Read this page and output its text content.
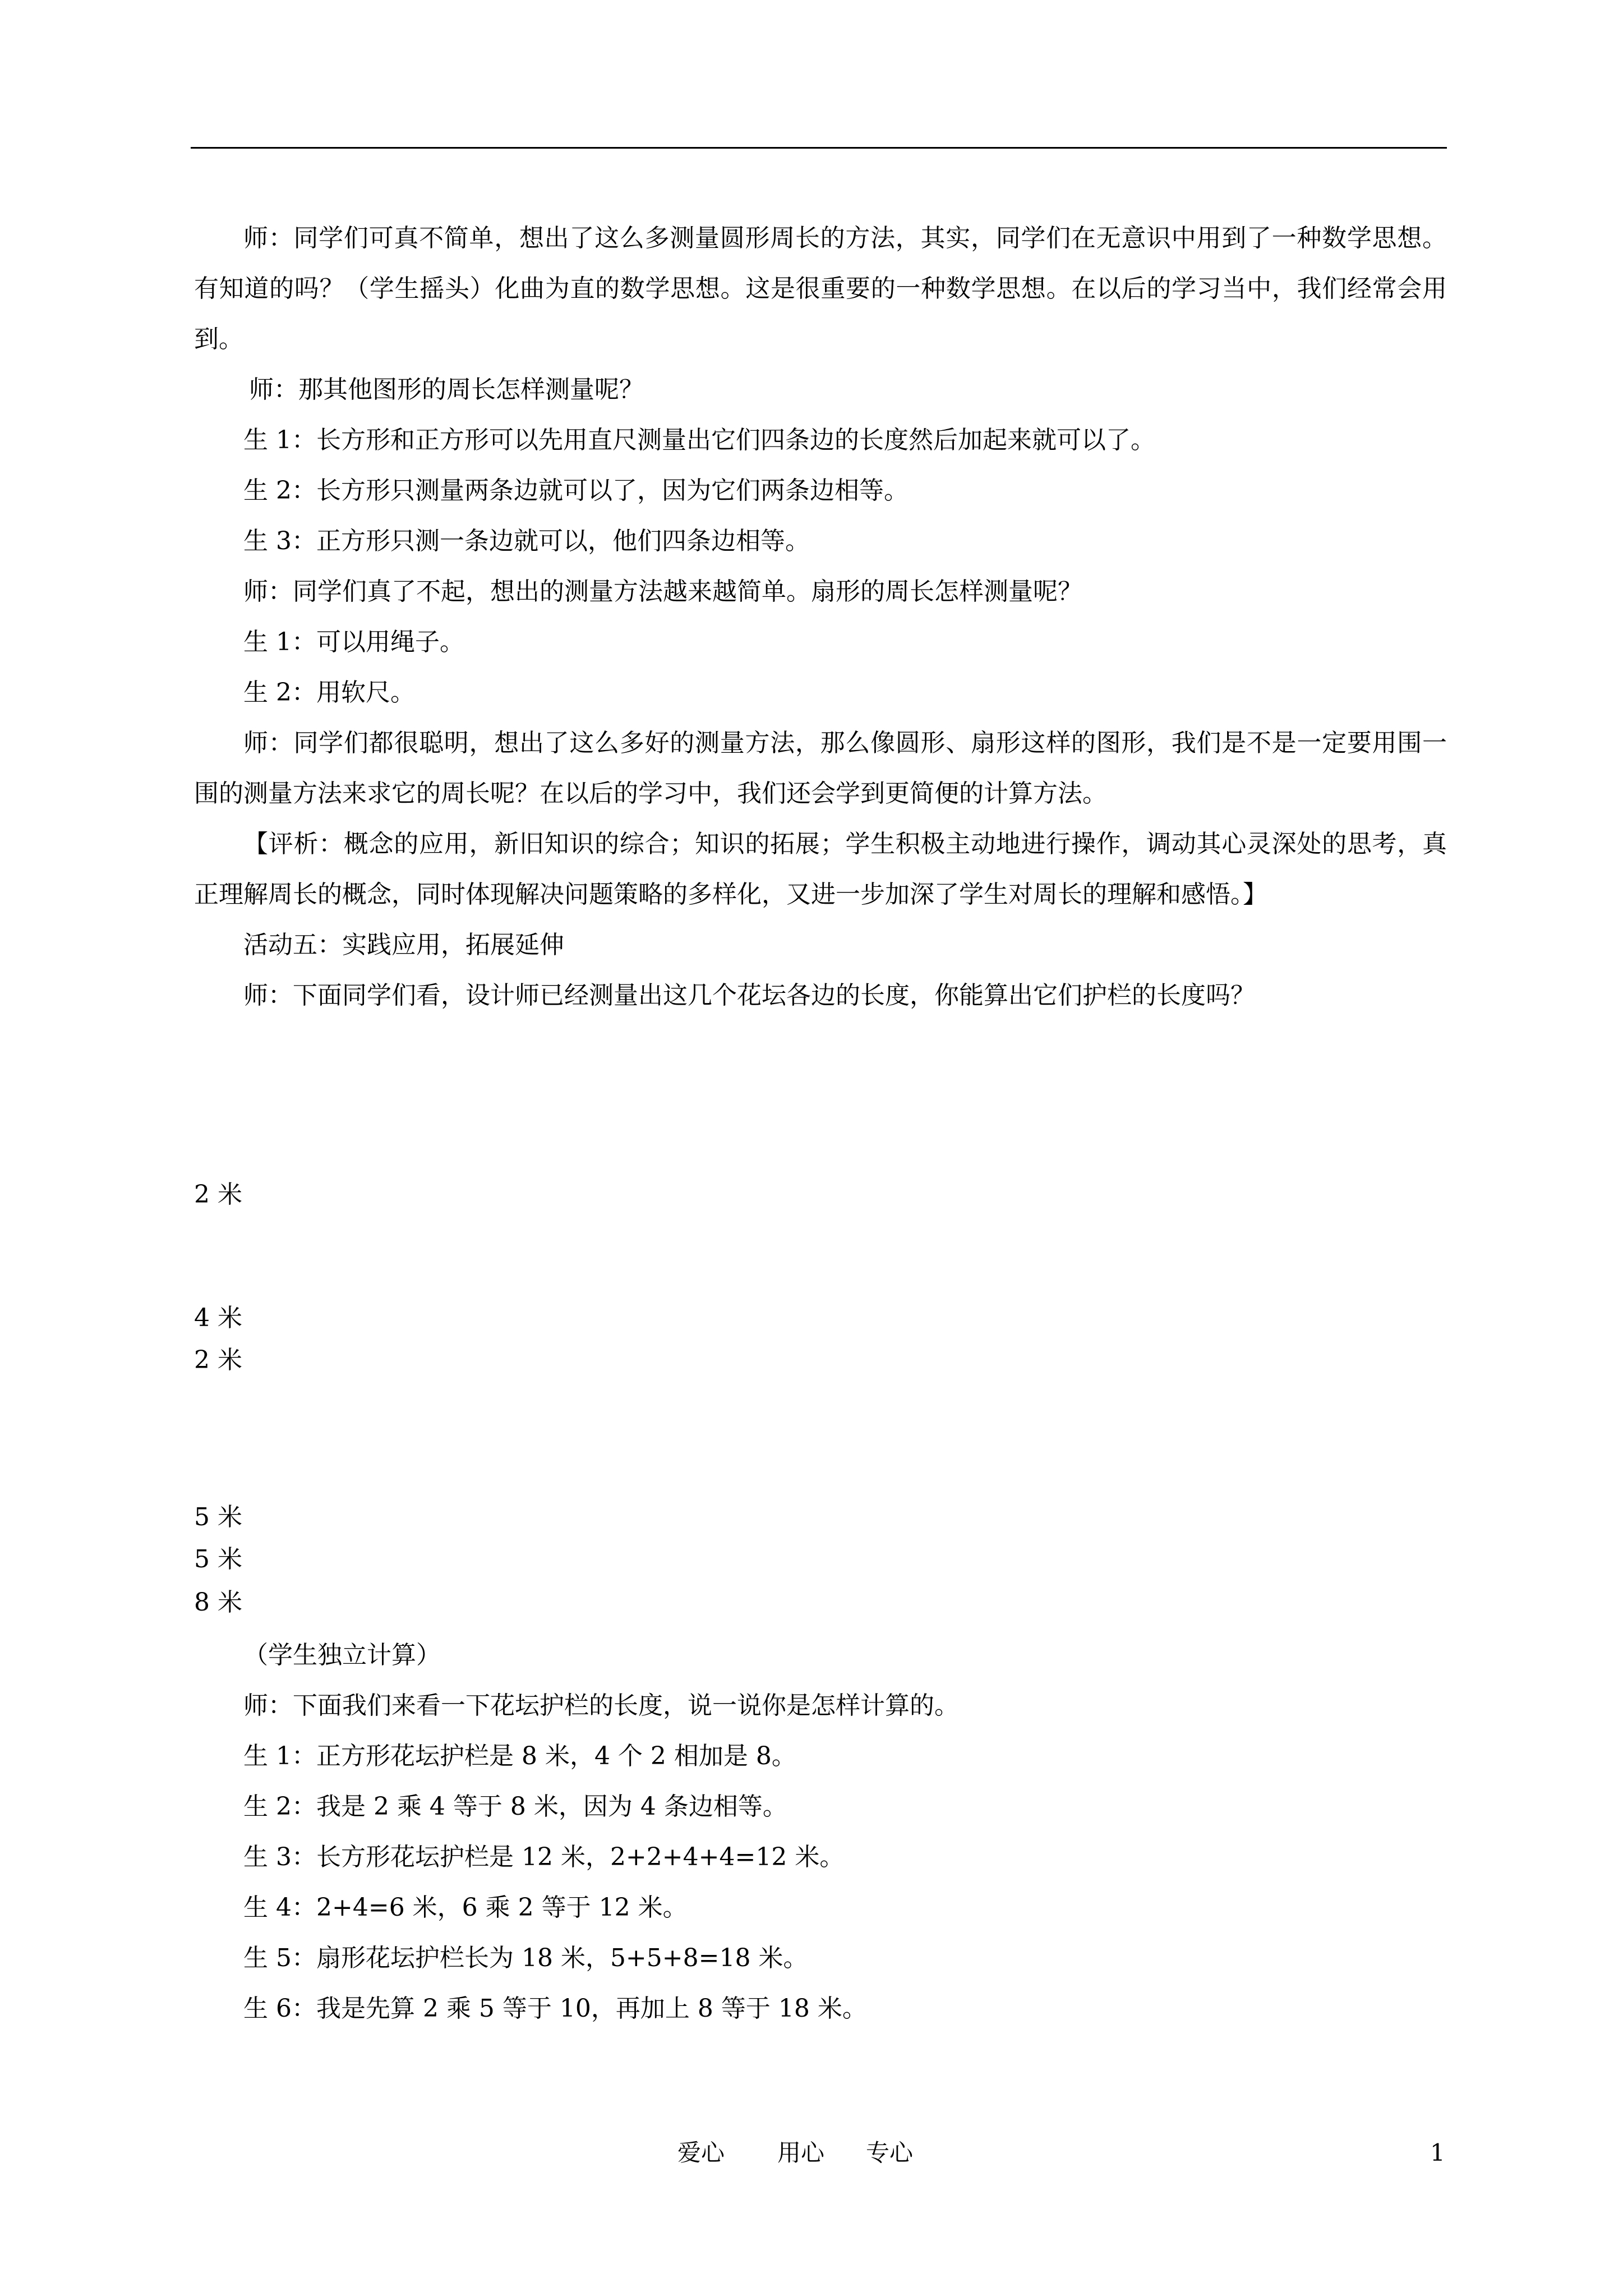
师：同学们可真不简单，想出了这么多测量圆形周长的方法，其实，同学们在无意识中用到了一种数学思想。有知道的吗？（学生摇头）化曲为直的数学思想。这是很重要的一种数学思想。在以后的学习当中，我们经常会用到。

师：那其他图形的周长怎样测量呢？

生 1：长方形和正方形可以先用直尺测量出它们四条边的长度然后加起来就可以了。

生 2：长方形只测量两条边就可以了，因为它们两条边相等。

生 3：正方形只测一条边就可以，他们四条边相等。

师：同学们真了不起，想出的测量方法越来越简单。扇形的周长怎样测量呢？

生 1：可以用绳子。

生 2：用软尺。

师：同学们都很聪明，想出了这么多好的测量方法，那么像圆形、扇形这样的图形，我们是不是一定要用围一围的测量方法来求它的周长呢？在以后的学习中，我们还会学到更简便的计算方法。

【评析：概念的应用，新旧知识的综合；知识的拓展；学生积极主动地进行操作，调动其心灵深处的思考，真正理解周长的概念，同时体现解决问题策略的多样化，又进一步加深了学生对周长的理解和感悟。】

活动五：实践应用，拓展延伸

师：下面同学们看，设计师已经测量出这几个花坛各边的长度，你能算出它们护栏的长度吗？

2 米
4 米
2 米
5 米
5 米
8 米

（学生独立计算）

师：下面我们来看一下花坛护栏的长度，说一说你是怎样计算的。

生 1：正方形花坛护栏是 8 米，4 个 2 相加是 8。

生 2：我是 2 乘 4 等于 8 米，因为 4 条边相等。

生 3：长方形花坛护栏是 12 米，2+2+4+4=12 米。

生 4：2+4=6 米，6 乘 2 等于 12 米。

生 5：扇形花坛护栏长为 18 米，5+5+8=18 米。

生 6：我是先算 2 乘 5 等于 10，再加上 8 等于 18 米。

爱心 用心 专心	1
